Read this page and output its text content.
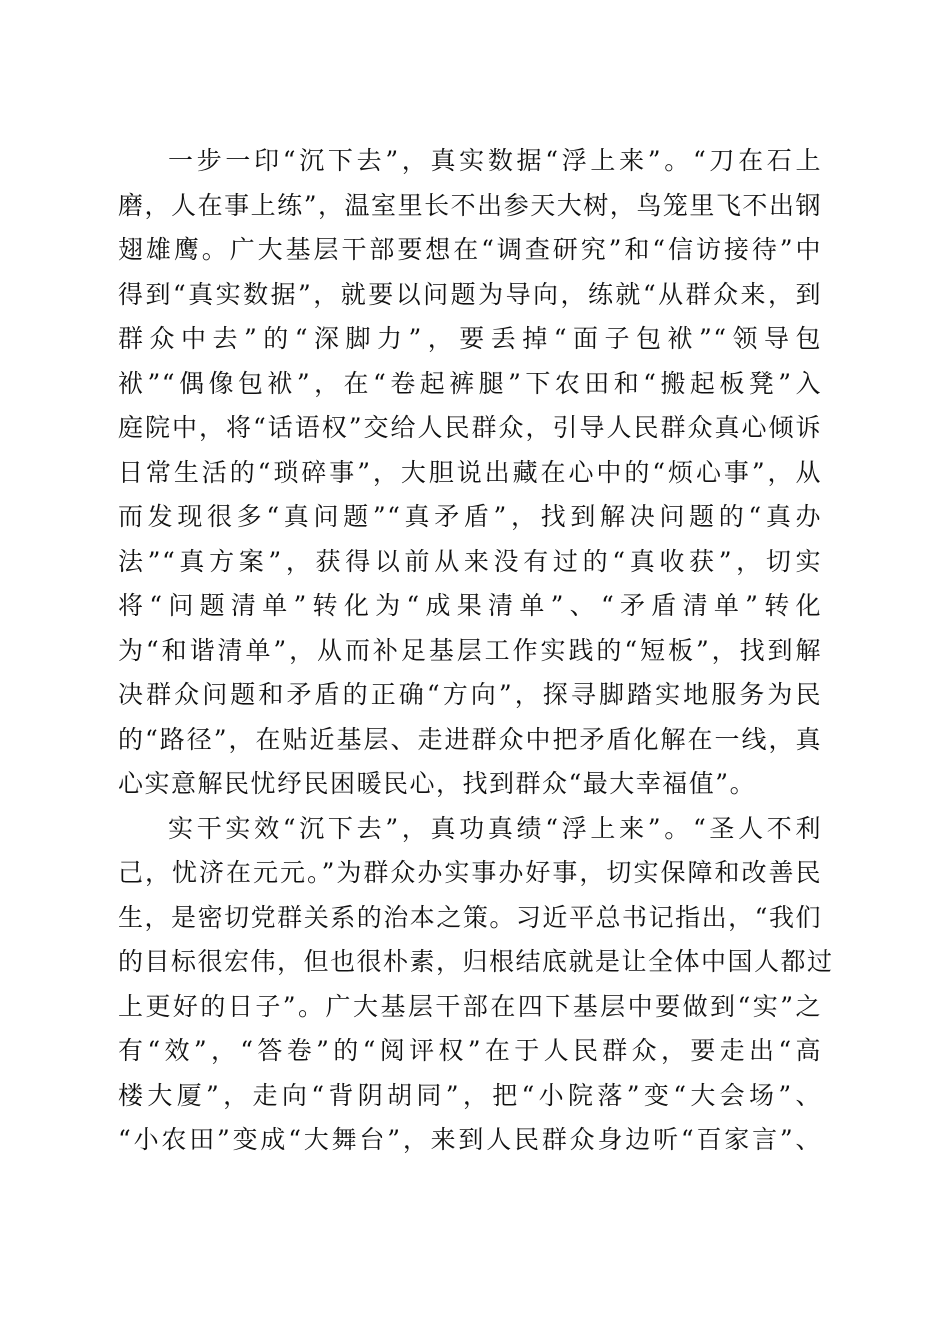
一步一印“沉下去”，真实数据“浮上来”。“刀在石上
磨，人在事上练”，温室里长不出参天大树，鸟笼里飞不出钢
翅雄鹰。广大基层干部要想在“调查研究”和“信访接待”中
得到“真实数据”，就要以问题为导向，练就“从群众来，到
群众中去”的“深脚力”，要丢掉“面子包袱”“领导包
袱”“偶像包袱”，在“卷起裤腿”下农田和“搬起板凳”入
庭院中，将“话语权”交给人民群众，引导人民群众真心倾诉
日常生活的“琐碎事”，大胆说出藏在心中的“烦心事”，从
而发现很多“真问题”“真矛盾”，找到解决问题的“真办
法”“真方案”，获得以前从来没有过的“真收获”，切实
将“问题清单”转化为“成果清单”、“矛盾清单”转化
为“和谐清单”，从而补足基层工作实践的“短板”，找到解
决群众问题和矛盾的正确“方向”，探寻脚踏实地服务为民
的“路径”，在贴近基层、走进群众中把矛盾化解在一线，真
心实意解民忧纾民困暖民心，找到群众“最大幸福值”。
实干实效“沉下去”，真功真绩“浮上来”。“圣人不利
己，忧济在元元。”为群众办实事办好事，切实保障和改善民
生，是密切党群关系的治本之策。习近平总书记指出，“我们
的目标很宏伟，但也很朴素，归根结底就是让全体中国人都过
上更好的日子”。广大基层干部在四下基层中要做到“实”之
有“效”，“答卷”的“阅评权”在于人民群众，要走出“高
楼大厦”，走向“背阴胡同”，把“小院落”变“大会场”、
“小农田”变成“大舞台”，来到人民群众身边听“百家言”、
